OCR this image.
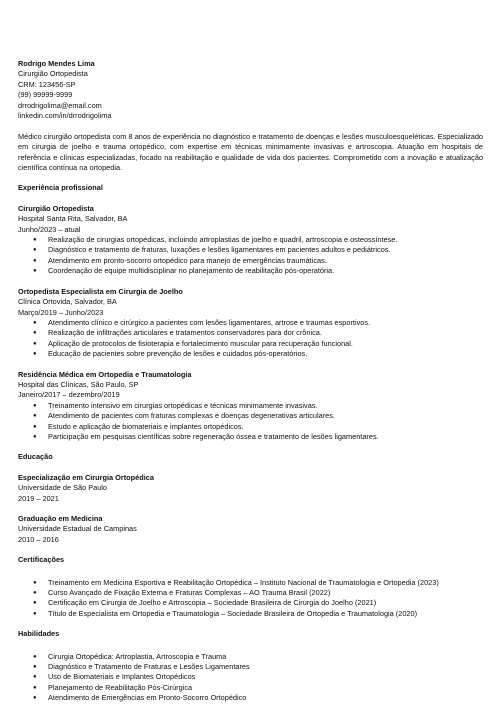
Rodrigo Mendes Lima
Cirurgião Ortopedista
CRM: 123456-SP
(99) 99999-9999
drrodrigolima@email.com
linkedin.com/in/drrodrigolima
Médico cirurgião ortopedista com 8 anos de experiência no diagnóstico e tratamento de doenças e lesões musculoesqueléticas. Especializado em cirurgia de joelho e trauma ortopédico, com expertise em técnicas minimamente invasivas e artroscopia. Atuação em hospitais de referência e clínicas especializadas, focado na reabilitação e qualidade de vida dos pacientes. Comprometido com a inovação e atualização científica contínua na ortopedia.
Experiência profissional
Cirurgião Ortopedista
Hospital Santa Rita, Salvador, BA
Junho/2023 – atual
● Realização de cirurgias ortopédicas, incluindo artroplastias de joelho e quadril, artroscopia e osteossíntese.
● Diagnóstico e tratamento de fraturas, luxações e lesões ligamentares em pacientes adultos e pediátricos.
● Atendimento em pronto-socorro ortopédico para manejo de emergências traumáticas.
● Coordenação de equipe multidisciplinar no planejamento de reabilitação pós-operatória.
Ortopedista Especialista em Cirurgia de Joelho
Clínica Ortovida, Salvador, BA
Março/2019 – Junho/2023
● Atendimento clínico e cirúrgico a pacientes com lesões ligamentares, artrose e traumas esportivos.
● Realização de infiltrações articulares e tratamentos conservadores para dor crônica.
● Aplicação de protocolos de fisioterapia e fortalecimento muscular para recuperação funcional.
● Educação de pacientes sobre prevenção de lesões e cuidados pós-operatórios.
Residência Médica em Ortopedia e Traumatologia
Hospital das Clínicas, São Paulo, SP
Janeiro/2017 – dezembro/2019
● Treinamento intensivo em cirurgias ortopédicas e técnicas minimamente invasivas.
● Atendimento de pacientes com fraturas complexas e doenças degenerativas articulares.
● Estudo e aplicação de biomateriais e implantes ortopédicos.
● Participação em pesquisas científicas sobre regeneração óssea e tratamento de lesões ligamentares.
Educação
Especialização em Cirurgia Ortopédica
Universidade de São Paulo
2019 – 2021
Graduação em Medicina
Universidade Estadual de Campinas
2010 – 2016
Certificações
● Treinamento em Medicina Esportiva e Reabilitação Ortopédica – Instituto Nacional de Traumatologia e Ortopedia (2023)
● Curso Avançado de Fixação Externa e Fraturas Complexas – AO Trauma Brasil (2022)
● Certificação em Cirurgia de Joelho e Artroscopia – Sociedade Brasileira de Cirurgia do Joelho (2021)
● Título de Especialista em Ortopedia e Traumatologia – Sociedade Brasileira de Ortopedia e Traumatologia (2020)
Habilidades
● Cirurgia Ortopédica: Artroplastia, Artroscopia e Trauma
● Diagnóstico e Tratamento de Fraturas e Lesões Ligamentares
● Uso de Biomateriais e Implantes Ortopédicos
● Planejamento de Reabilitação Pós-Cirúrgica
● Atendimento de Emergências em Pronto-Socorro Ortopédico
